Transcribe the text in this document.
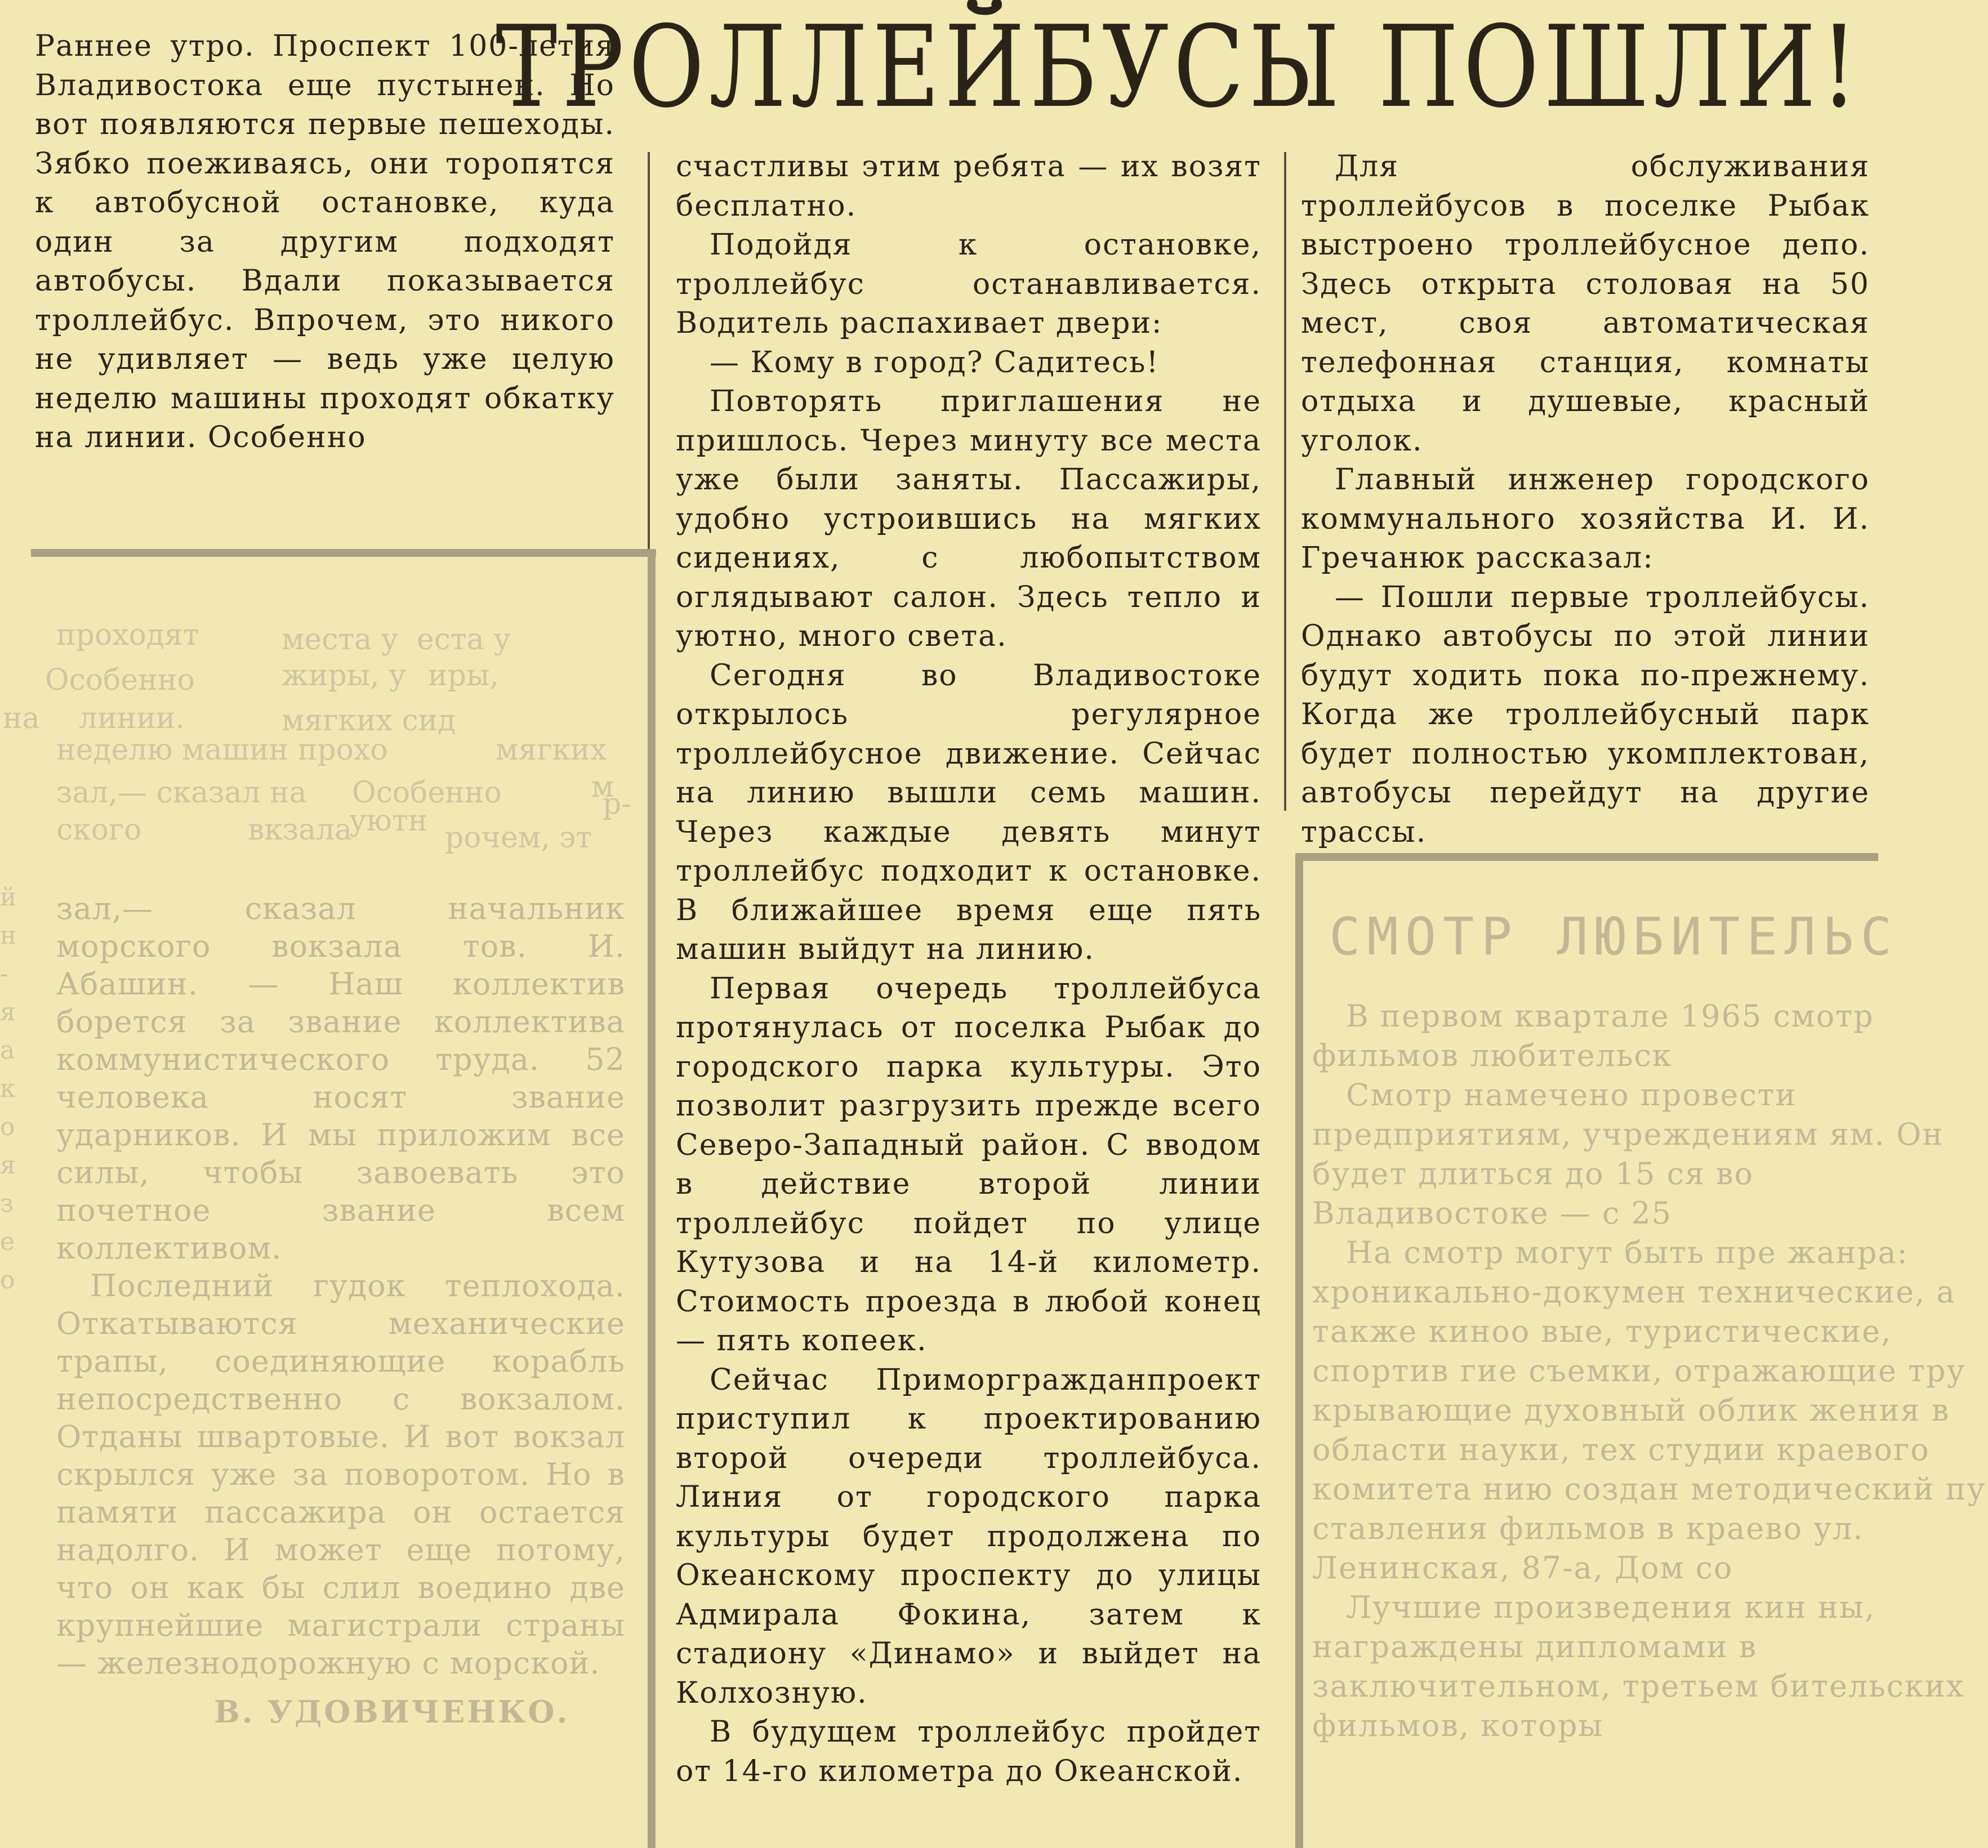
ТРОЛЛЕЙБУСЫ ПОШЛИ!

Раннее утро. Проспект 100-летия Владивостока еще пустынен. Но вот появляются первые пешеходы. Зябко поеживаясь, они торопятся к автобусной остановке, куда один за другим подходят автобусы. Вдали показывается троллейбус. Впрочем, это никого не удивляет — ведь уже целую неделю машины проходят обкатку на линии. Особенно

счастливы этим ребята — их возят бесплатно.

Подойдя к остановке, троллейбус останавливается. Водитель распахивает двери:

— Кому в город? Садитесь!

Повторять приглашения не пришлось. Через минуту все места уже были заняты. Пассажиры, удобно устроившись на мягких сидениях, с любопытством оглядывают салон. Здесь тепло и уютно, много света.

Сегодня во Владивостоке открылось регулярное троллейбусное движение. Сейчас на линию вышли семь машин. Через каждые девять минут троллейбус подходит к остановке. В ближайшее время еще пять машин выйдут на линию.

Первая очередь троллейбуса протянулась от поселка Рыбак до городского парка культуры. Это позволит разгрузить прежде всего Северо-Западный район. С вводом в действие второй линии троллейбус пойдет по улице Кутузова и на 14-й километр. Стоимость проезда в любой конец — пять копеек.

Сейчас Приморгражданпроект приступил к проектированию второй очереди троллейбуса. Линия от городского парка культуры будет продолжена по Океанскому проспекту до улицы Адмирала Фокина, затем к стадиону «Динамо» и выйдет на Колхозную.

В будущем троллейбус пройдет от 14-го километра до Океанской.

Для обслуживания троллейбусов в поселке Рыбак выстроено троллейбусное депо. Здесь открыта столовая на 50 мест, своя автоматическая телефонная станция, комнаты отдыха и душевые, красный уголок.

Главный инженер городского коммунального хозяйства И. И. Гречанюк рассказал:

— Пошли первые троллейбусы. Однако автобусы по этой линии будут ходить пока по-прежнему. Когда же троллейбусный парк будет полностью укомплектован, автобусы перейдут на другие трассы.

проходят	места у еста у
Особенно	жиры, у иры,
на линии.	мягких сид
неделю машин прохо	мягких
зал,— сказал на Особенно	м
р-
ского	вкзала
уютн рочем, эт

зал,— сказал начальник морского вокзала тов. И. Абашин. — Наш коллектив борется за звание коллектива коммунистического труда. 52 человека носят звание ударников. И мы приложим все силы, чтобы завоевать это почетное звание всем коллективом.

Последний гудок теплохода. Откатываются механические трапы, соединяющие корабль непосредственно с вокзалом. Отданы швартовые. И вот вокзал скрылся уже за поворотом. Но в памяти пассажира он остается надолго. И может еще потому, что он как бы слил воедино две крупнейшие магистрали страны — железнодорожную с морской.

В. УДОВИЧЕНКО.

СМОТР ЛЮБИТЕЛЬС

В первом квартале 1965 смотр фильмов любительск

Смотр намечено провести предприятиям, учреждениям ям. Он будет длиться до 15 ся во Владивостоке — с 25

На смотр могут быть пре жанра: хроникально-докумен технические, а также киноо вые, туристические, спортив гие съемки, отражающие тру крывающие духовный облик жения в области науки, тех студии краевого комитета нию создан методический пу ставления фильмов в краево ул. Ленинская, 87-а, Дом со

Лучшие произведения кин ны, награждены дипломами в заключительном, третьем бительских фильмов, которы

й
н
-
я
а
к
о
я
з
е
о
